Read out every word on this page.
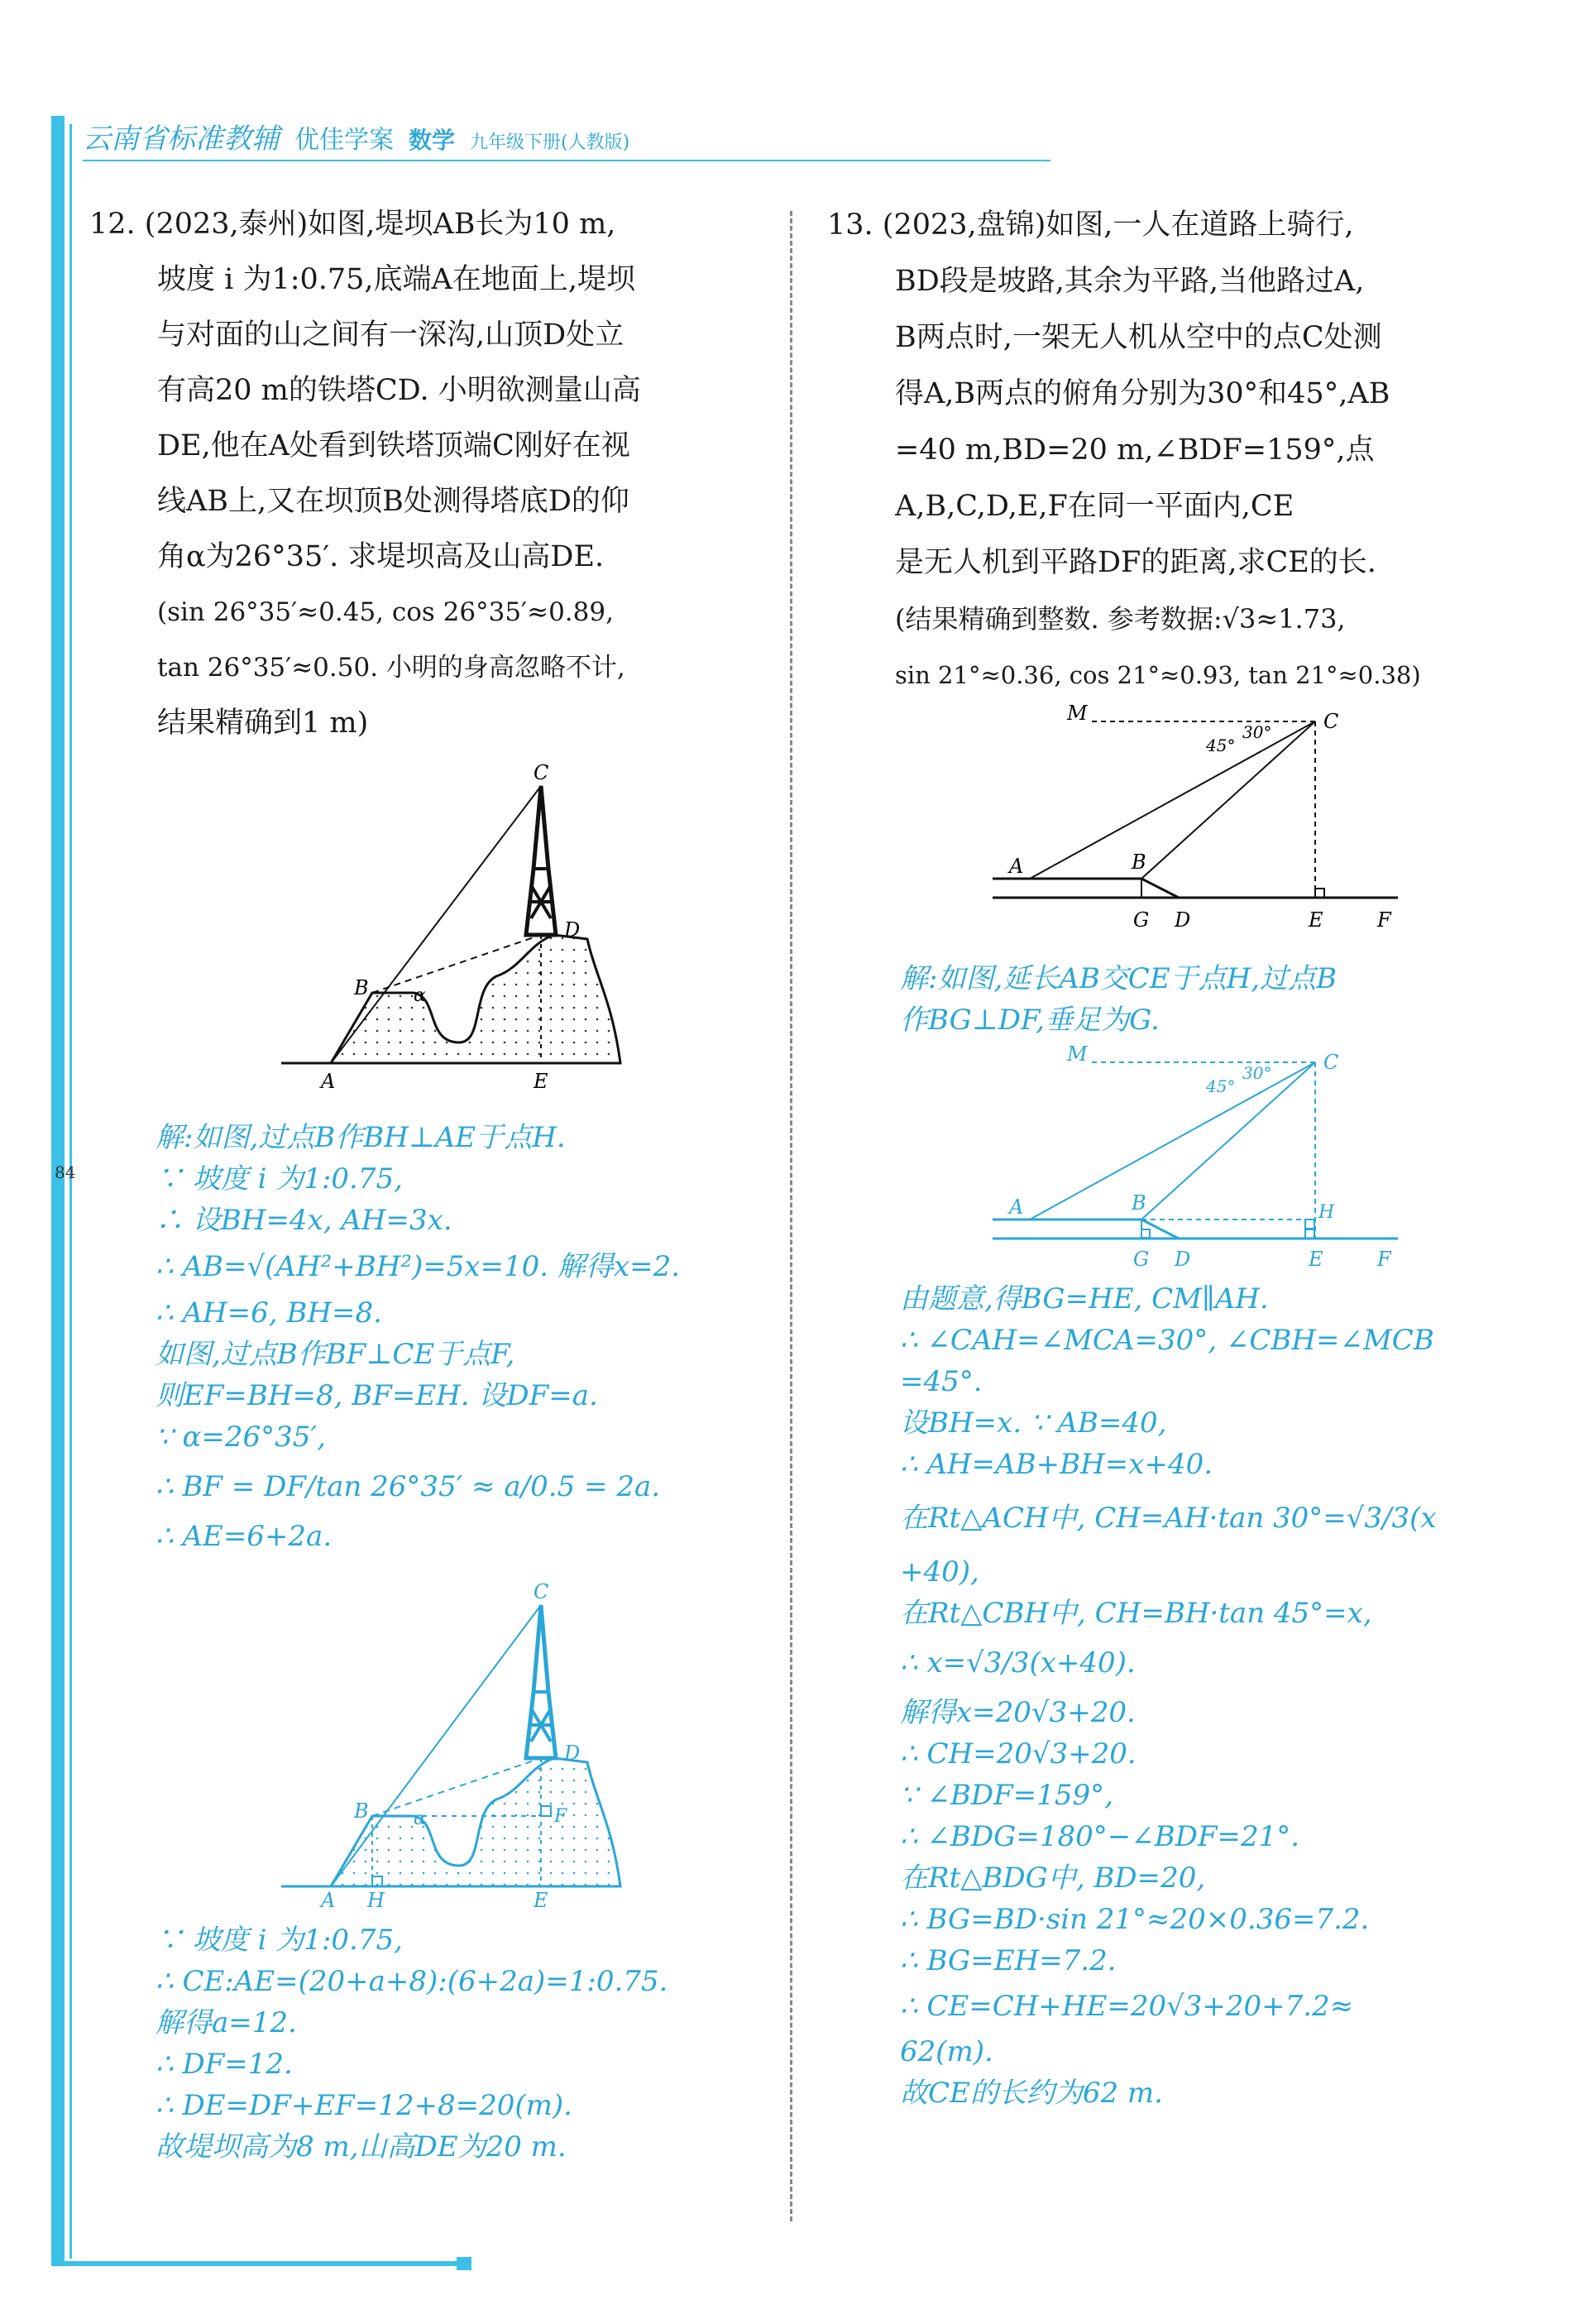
云南省标准教辅 优佳学案 数学 九年级下册(人教版)
84

12. (2023,泰州)如图,堤坝AB长为10 m,

坡度 i 为1:0.75,底端A在地面上,堤坝

与对面的山之间有一深沟,山顶D处立

有高20 m的铁塔CD. 小明欲测量山高

DE,他在A处看到铁塔顶端C刚好在视

线AB上,又在坝顶B处测得塔底D的仰

角α为26°35′. 求堤坝高及山高DE.

(sin 26°35′≈0.45, cos 26°35′≈0.89,

tan 26°35′≈0.50. 小明的身高忽略不计,

结果精确到1 m)

C
D
B α
A	E

解:如图,过点B作BH⊥AE于点H.

∵ 坡度 i 为1:0.75,

∴ 设BH=4x, AH=3x.

∴ AB=√(AH²+BH²)=5x=10. 解得x=2.

∴ AH=6, BH=8.

如图,过点B作BF⊥CE于点F,

则EF=BH=8, BF=EH. 设DF=a.

∵ α=26°35′,

∴ BF = DF/tan 26°35′ ≈ a/0.5 = 2a.

∴ AE=6+2a.

C
D
B α	F
A H	E

∵ 坡度 i 为1:0.75,

∴ CE:AE=(20+a+8):(6+2a)=1:0.75.

解得a=12.

∴ DF=12.

∴ DE=DF+EF=12+8=20(m).

故堤坝高为8 m,山高DE为20 m.

13. (2023,盘锦)如图,一人在道路上骑行,

BD段是坡路,其余为平路,当他路过A,

B两点时,一架无人机从空中的点C处测

得A,B两点的俯角分别为30°和45°,AB

=40 m,BD=20 m,∠BDF=159°,点

A,B,C,D,E,F在同一平面内,CE

是无人机到平路DF的距离,求CE的长.

(结果精确到整数. 参考数据:√3≈1.73,

sin 21°≈0.36, cos 21°≈0.93, tan 21°≈0.38)

M	C
45°
30°
A	B
G D	E	F

解:如图,延长AB交CE于点H,过点B

作BG⊥DF,垂足为G.

M	C
45°
30°
A	B	H
G D	E	F

由题意,得BG=HE, CM∥AH.

∴ ∠CAH=∠MCA=30°, ∠CBH=∠MCB

=45°.

设BH=x. ∵ AB=40,

∴ AH=AB+BH=x+40.

在Rt△ACH中, CH=AH·tan 30°=√3/3(x

+40),

在Rt△CBH中, CH=BH·tan 45°=x,

∴ x=√3/3(x+40).

解得x=20√3+20.

∴ CH=20√3+20.

∵ ∠BDF=159°,

∴ ∠BDG=180°−∠BDF=21°.

在Rt△BDG中, BD=20,

∴ BG=BD·sin 21°≈20×0.36=7.2.

∴ BG=EH=7.2.

∴ CE=CH+HE=20√3+20+7.2≈

62(m).

故CE的长约为62 m.
